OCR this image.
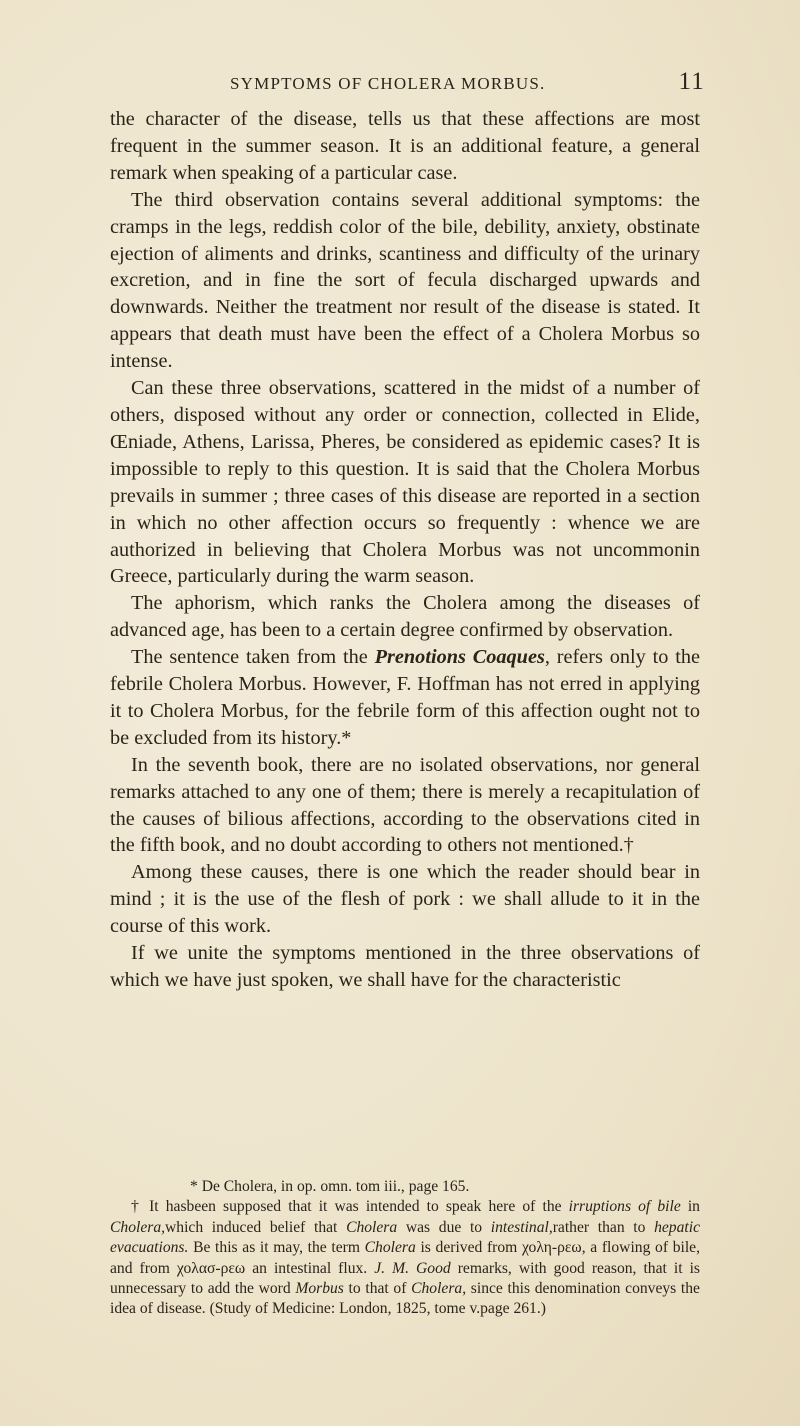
SYMPTOMS OF CHOLERA MORBUS.	11

the character of the disease, tells us that these affections are most frequent in the summer season. It is an additional feature, a general remark when speaking of a particular case.

The third observation contains several additional symptoms: the cramps in the legs, reddish color of the bile, debility, anxiety, obstinate ejection of aliments and drinks, scantiness and difficulty of the urinary excretion, and in fine the sort of fecula discharged upwards and downwards. Neither the treatment nor result of the disease is stated. It appears that death must have been the effect of a Cholera Morbus so intense.

Can these three observations, scattered in the midst of a number of others, disposed without any order or connection, collected in Elide, Œniade, Athens, Larissa, Pheres, be considered as epidemic cases? It is impossible to reply to this question. It is said that the Cholera Morbus prevails in summer ; three cases of this disease are reported in a section in which no other affection occurs so frequently : whence we are authorized in believing that Cholera Morbus was not uncommonin Greece, particularly during the warm season.

The aphorism, which ranks the Cholera among the diseases of advanced age, has been to a certain degree confirmed by observation.

The sentence taken from the Prenotions Coaques, refers only to the febrile Cholera Morbus. However, F. Hoffman has not erred in applying it to Cholera Morbus, for the febrile form of this affection ought not to be excluded from its history.*

In the seventh book, there are no isolated observations, nor general remarks attached to any one of them; there is merely a recapitulation of the causes of bilious affections, according to the observations cited in the fifth book, and no doubt according to others not mentioned.†

Among these causes, there is one which the reader should bear in mind ; it is the use of the flesh of pork : we shall allude to it in the course of this work.

If we unite the symptoms mentioned in the three observations of which we have just spoken, we shall have for the characteristic

* De Cholera, in op. omn. tom iii., page 165.

† It hasbeen supposed that it was intended to speak here of the irruptions of bile in Cholera,which induced belief that Cholera was due to intestinal,rather than to hepatic evacuations. Be this as it may, the term Cholera is derived from χολη-ρεω, a flowing of bile, and from χολασ-ρεω an intestinal flux. J. M. Good remarks, with good reason, that it is unnecessary to add the word Morbus to that of Cholera, since this denomination conveys the idea of disease. (Study of Medicine: London, 1825, tome v.page 261.)
